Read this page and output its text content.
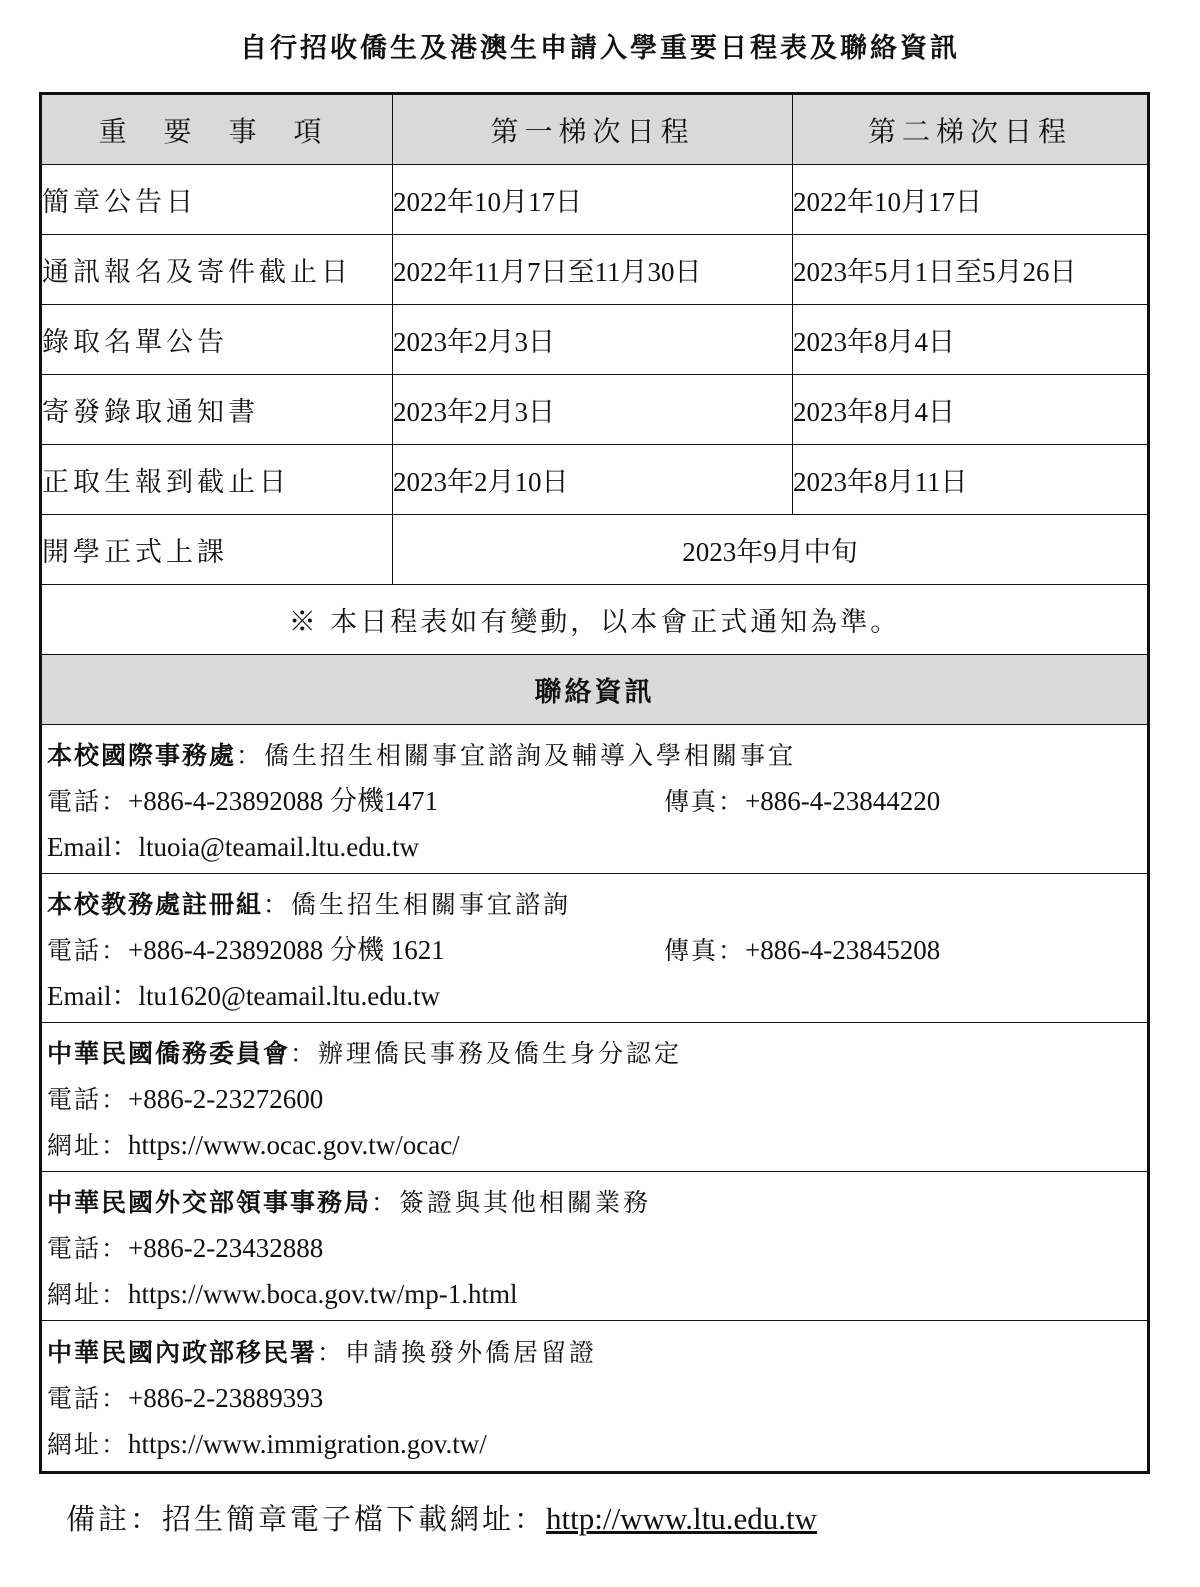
自行招收僑生及港澳生申請入學重要日程表及聯絡資訊
重 要 事 項	第一梯次日程	第二梯次日程
簡章公告日	2022年10月17日	2022年10月17日
通訊報名及寄件截止日	2022年11月7日至11月30日	2023年5月1日至5月26日
錄取名單公告	2023年2月3日	2023年8月4日
寄發錄取通知書	2023年2月3日	2023年8月4日
正取生報到截止日	2023年2月10日	2023年8月11日
開學正式上課	2023年9月中旬	
※ 本日程表如有變動，以本會正式通知為準。		
聯絡資訊		

本校國際事務處：僑生招生相關事宜諮詢及輔導入學相關事宜
電話：+886-4-23892088 分機1471 傳真：+886-4-23844220
Email：ltuoia@teamail.ltu.edu.tw		

本校教務處註冊組：僑生招生相關事宜諮詢
電話：+886-4-23892088 分機 1621 傳真：+886-4-23845208
Email：ltu1620@teamail.ltu.edu.tw		

中華民國僑務委員會：辦理僑民事務及僑生身分認定
電話：+886-2-23272600
網址：https://www.ocac.gov.tw/ocac/		

中華民國外交部領事事務局：簽證與其他相關業務
電話：+886-2-23432888
網址：https://www.boca.gov.tw/mp-1.html		

中華民國內政部移民署：申請換發外僑居留證
電話：+886-2-23889393
網址：https://www.immigration.gov.tw/		
備註：招生簡章電子檔下載網址：http://www.ltu.edu.tw
